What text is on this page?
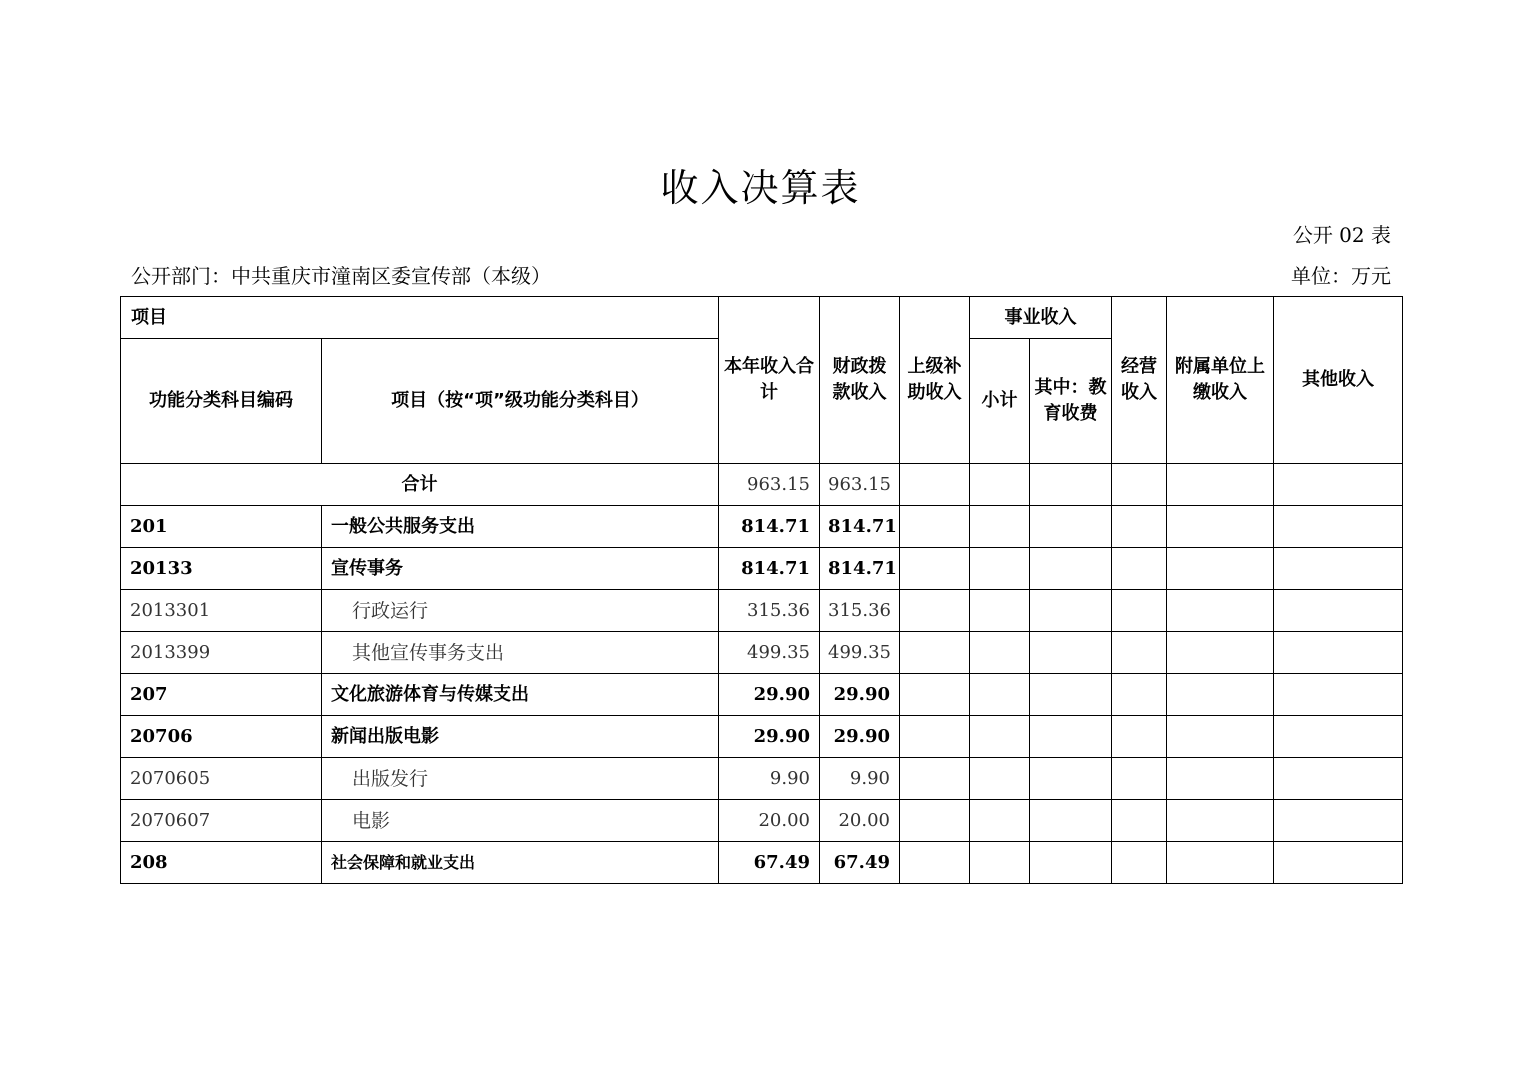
收入决算表
公开 02 表
公开部门：中共重庆市潼南区委宣传部（本级）	单位：万元
项目		本年收入合计	财政拨款收入	上级补助收入	事业收入		经营收入	附属单位上缴收入	其他收入
功能分类科目编码	项目（按“项”级功能分类科目）				小计	其中：教育收费			
合计		963.15	963.15						
201	一般公共服务支出	814.71	814.71						
20133	宣传事务	814.71	814.71						
2013301	行政运行	315.36	315.36						
2013399	其他宣传事务支出	499.35	499.35						
207	文化旅游体育与传媒支出	29.90	29.90						
20706	新闻出版电影	29.90	29.90						
2070605	出版发行	9.90	9.90						
2070607	电影	20.00	20.00						
208	社会保障和就业支出	67.49	67.49						
